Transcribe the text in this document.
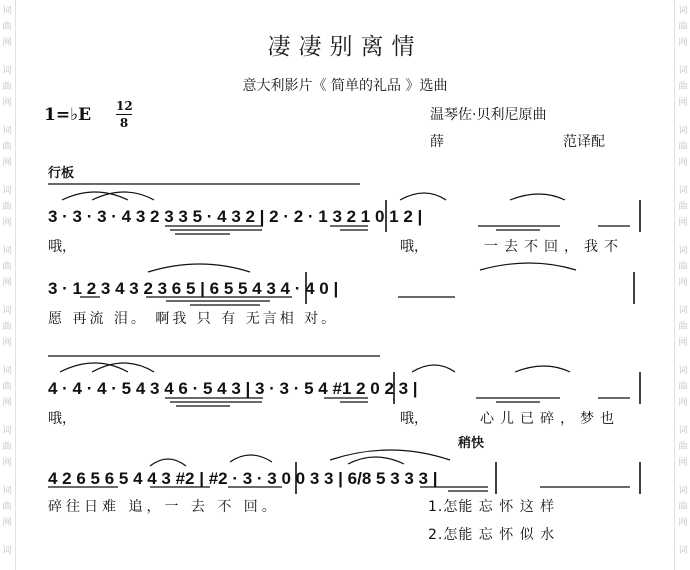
词
曲
网
词
曲
网
词
曲
网
词
曲
网
词
曲
网
词
曲
网
词
曲
网
词
曲
网
词
曲
网
词
词
曲
网
词
曲
网
词
曲
网
词
曲
网
词
曲
网
词
曲
网
词
曲
网
词
曲
网
词
曲
网
词
凄凄别离情
意大利影片《 简单的礼品 》选曲
1=♭E 12
8	温琴佐·贝利尼原曲
薛	范译配
行板
稍快
3 · 3 · 3 · 4 3 2 3 3 5 · 4 3 2 | 2 · 2 · 1 3 2 1 0 1 2 |
3 · 1 2 3 4 3 2 3 6 5 | 6 5 5 4 3 4 · 4 0 |
4 · 4 · 4 · 5 4 3 4 6 · 5 4 3 | 3 · 3 · 5 4 #1 2 0 2 3 |
4 2 6 5 6 5 4 4 3 #2 | #2 · 3 · 3 0 0 3 3 | 6/8 5 3 3 3 |
哦，	哦，	一去不回，我不
愿 再流 泪。 啊我 只 有 无言相 对。
哦，	哦，	心儿已碎，梦也
碎往日难 追，一 去 不 回。	1.怎能 忘 怀 这 样
2.怎能 忘 怀 似 水
